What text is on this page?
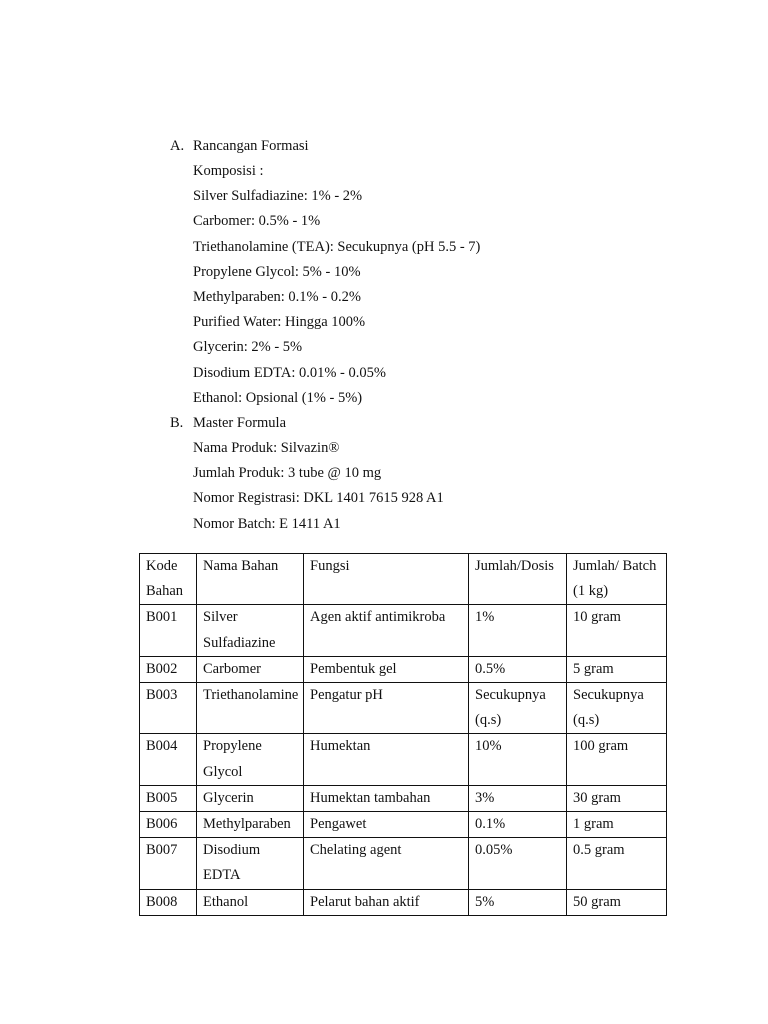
A. Rancangan Formasi
Komposisi :
Silver Sulfadiazine: 1% - 2%
Carbomer: 0.5% - 1%
Triethanolamine (TEA): Secukupnya (pH 5.5 - 7)
Propylene Glycol: 5% - 10%
Methylparaben: 0.1% - 0.2%
Purified Water: Hingga 100%
Glycerin: 2% - 5%
Disodium EDTA: 0.01% - 0.05%
Ethanol: Opsional (1% - 5%)
B. Master Formula
Nama Produk: Silvazin®
Jumlah Produk: 3 tube @ 10 mg
Nomor Registrasi: DKL 1401 7615 928 A1
Nomor Batch: E 1411 A1
Kode Bahan	Nama Bahan	Fungsi	Jumlah/Dosis	Jumlah/ Batch (1 kg)
B001	Silver Sulfadiazine	Agen aktif antimikroba	1%	10 gram
B002	Carbomer	Pembentuk gel	0.5%	5 gram
B003	Triethanolamine	Pengatur pH	Secukupnya (q.s)	Secukupnya (q.s)
B004	Propylene Glycol	Humektan	10%	100 gram
B005	Glycerin	Humektan tambahan	3%	30 gram
B006	Methylparaben	Pengawet	0.1%	1 gram
B007	Disodium EDTA	Chelating agent	0.05%	0.5 gram
B008	Ethanol	Pelarut bahan aktif	5%	50 gram
